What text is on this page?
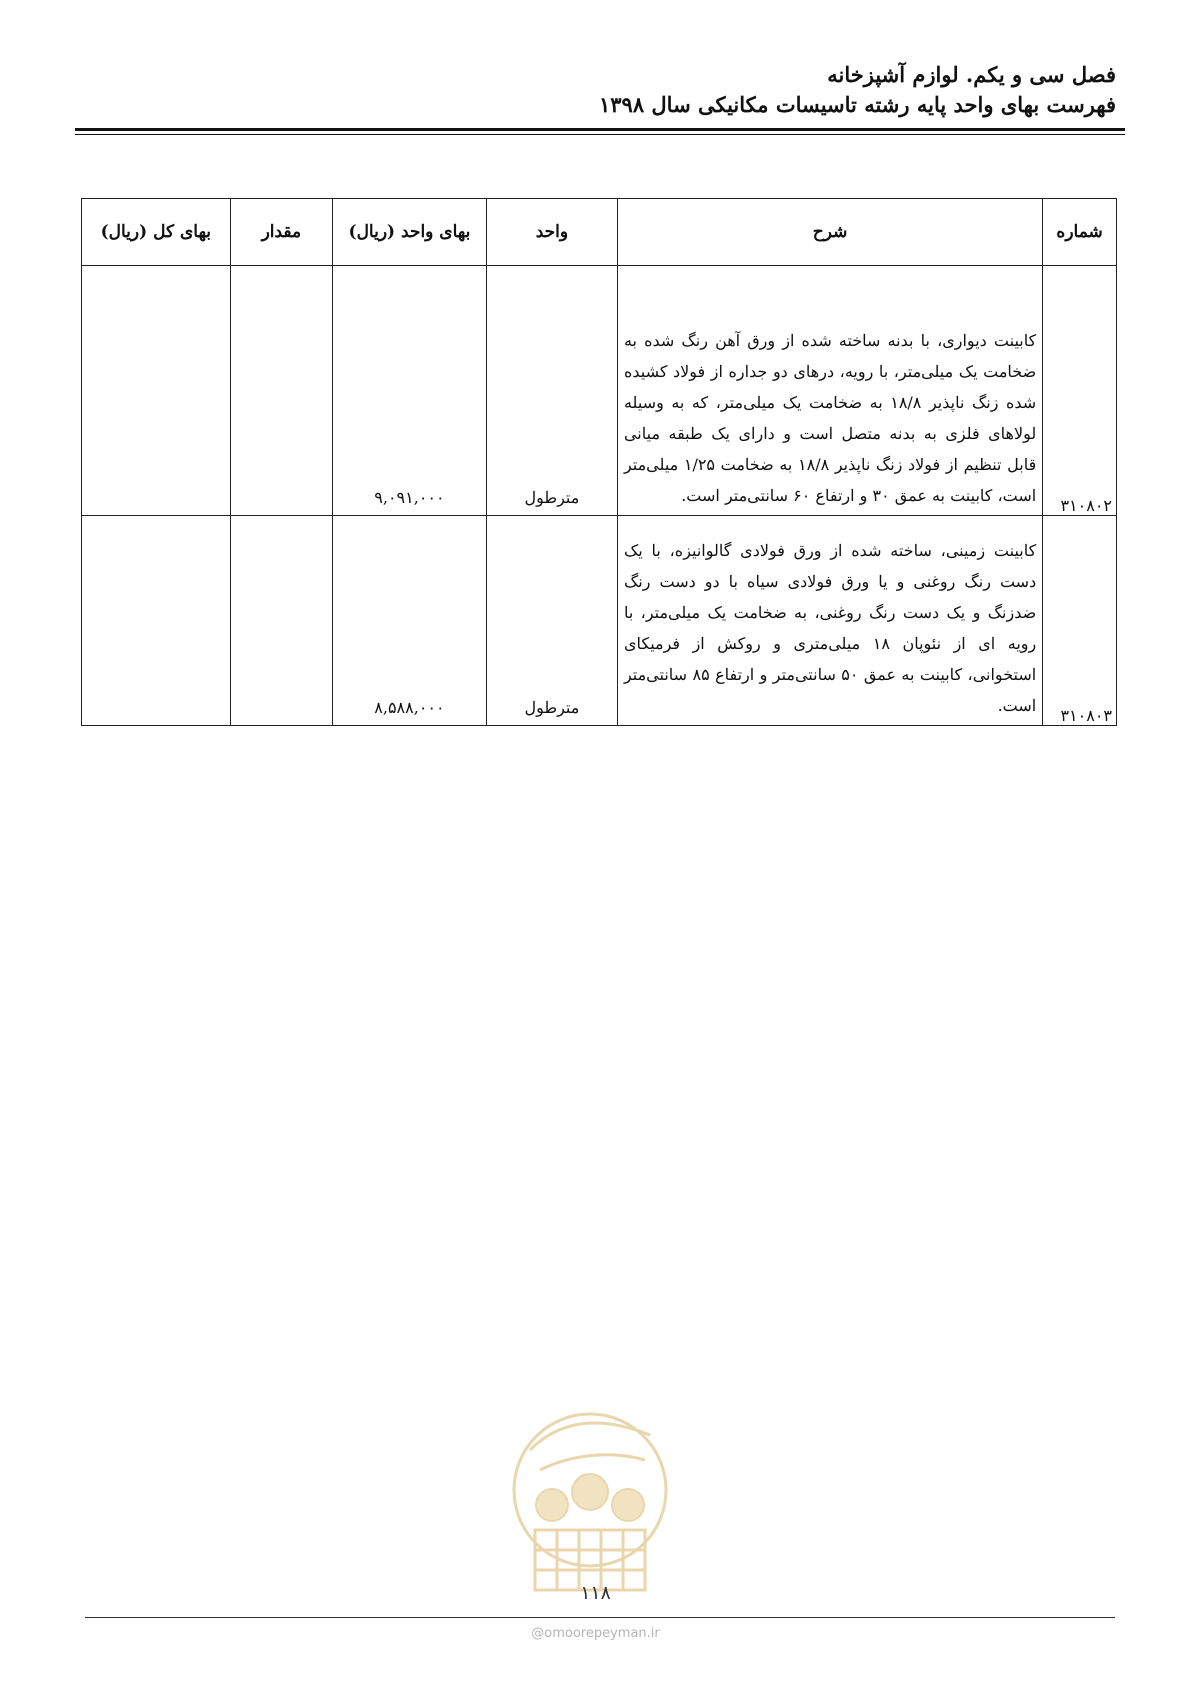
فصل سی و یکم. لوازم آشپزخانه
فهرست بهای واحد پایه رشته تاسیسات مکانیکی سال ۱۳۹۸
شماره	شرح	واحد	بهای واحد (ریال)	مقدار	بهای کل (ریال)
۳۱۰۸۰۲	کابینت دیواری، با بدنه ساخته شده از ورق آهن رنگ شده به ضخامت یک میلی‌متر، با رویه، درهای دو جداره از فولاد کشیده شده زنگ ناپذیر ۱۸/۸ به ضخامت یک میلی‌متر، که به وسیله لولاهای فلزی به بدنه متصل است و دارای یک طبقه میانی قابل تنظیم از فولاد زنگ ناپذیر ۱۸/۸ به ضخامت ۱/۲۵ میلی‌متر است، کابینت به عمق ۳۰ و ارتفاع ۶۰ سانتی‌متر است.	مترطول	۹,۰۹۱,۰۰۰		
۳۱۰۸۰۳	کابینت زمینی، ساخته شده از ورق فولادی گالوانیزه، با یک دست رنگ روغنی و یا ورق فولادی سیاه با دو دست رنگ ضدزنگ و یک دست رنگ روغنی، به ضخامت یک میلی‌متر، با رویه ای از نئوپان ۱۸ میلی‌متری و روکش از فرمیکای استخوانی، کابینت به عمق ۵۰ سانتی‌متر و ارتفاع ۸۵ سانتی‌متر است.	مترطول	۸,۵۸۸,۰۰۰		
۱۱۸
@omoorepeyman.ir
